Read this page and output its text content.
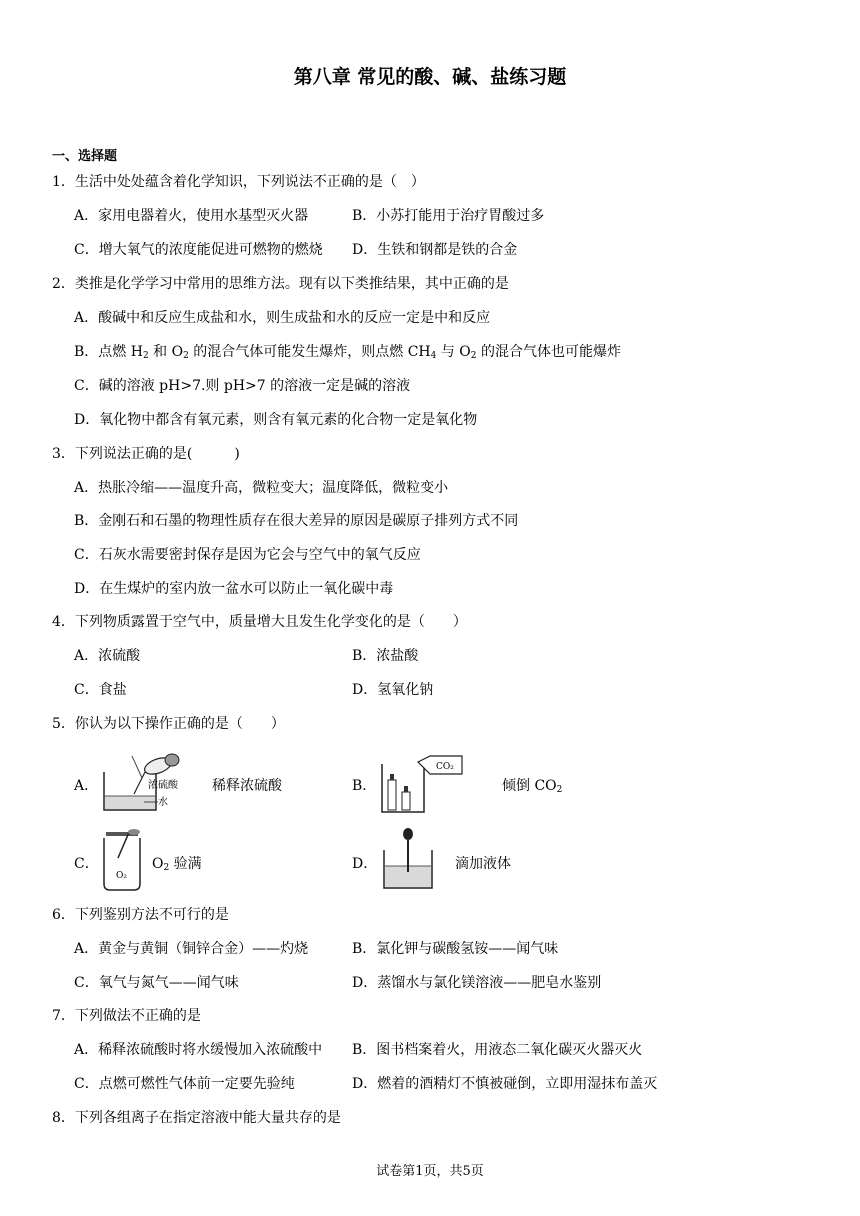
第八章 常见的酸、碱、盐练习题
一、选择题
1．生活中处处蕴含着化学知识，下列说法不正确的是（　）
A．家用电器着火，使用水基型灭火器	B．小苏打能用于治疗胃酸过多
C．增大氧气的浓度能促进可燃物的燃烧 D．生铁和钢都是铁的合金
2．类推是化学学习中常用的思维方法。现有以下类推结果，其中正确的是
A．酸碱中和反应生成盐和水，则生成盐和水的反应一定是中和反应
B．点燃 $H_2$ 和 $O_2$ 的混合气体可能发生爆炸，则点燃 $CH_4$ 与 $O_2$ 的混合气体也可能爆炸
C．碱的溶液 pH>7.则 pH>7 的溶液一定是碱的溶液
D．氧化物中都含有氧元素，则含有氧元素的化合物一定是氧化物
3．下列说法正确的是(　　　)
A．热胀冷缩——温度升高，微粒变大；温度降低，微粒变小
B．金刚石和石墨的物理性质存在很大差异的原因是碳原子排列方式不同
C．石灰水需要密封保存是因为它会与空气中的氧气反应
D．在生煤炉的室内放一盆水可以防止一氧化碳中毒
4．下列物质露置于空气中，质量增大且发生化学变化的是（　　）
A．浓硫酸	B．浓盐酸
C．食盐	D．氢氧化钠
5．你认为以下操作正确的是（　　）
A．	浓硫酸
水
稀释浓硫酸	B．
CO₂
倾倒 $CO_2$
C．
O₂
$O_2$ 验满	D．	滴加液体
6．下列鉴别方法不可行的是
A．黄金与黄铜（铜锌合金）——灼烧	B．氯化钾与碳酸氢铵——闻气味
C．氧气与氮气——闻气味	D．蒸馏水与氯化镁溶液——肥皂水鉴别
7．下列做法不正确的是
A．稀释浓硫酸时将水缓慢加入浓硫酸中 B．图书档案着火，用液态二氧化碳灭火器灭火
C．点燃可燃性气体前一定要先验纯	D．燃着的酒精灯不慎被碰倒，立即用湿抹布盖灭
8．下列各组离子在指定溶液中能大量共存的是
试卷第1页，共5页
